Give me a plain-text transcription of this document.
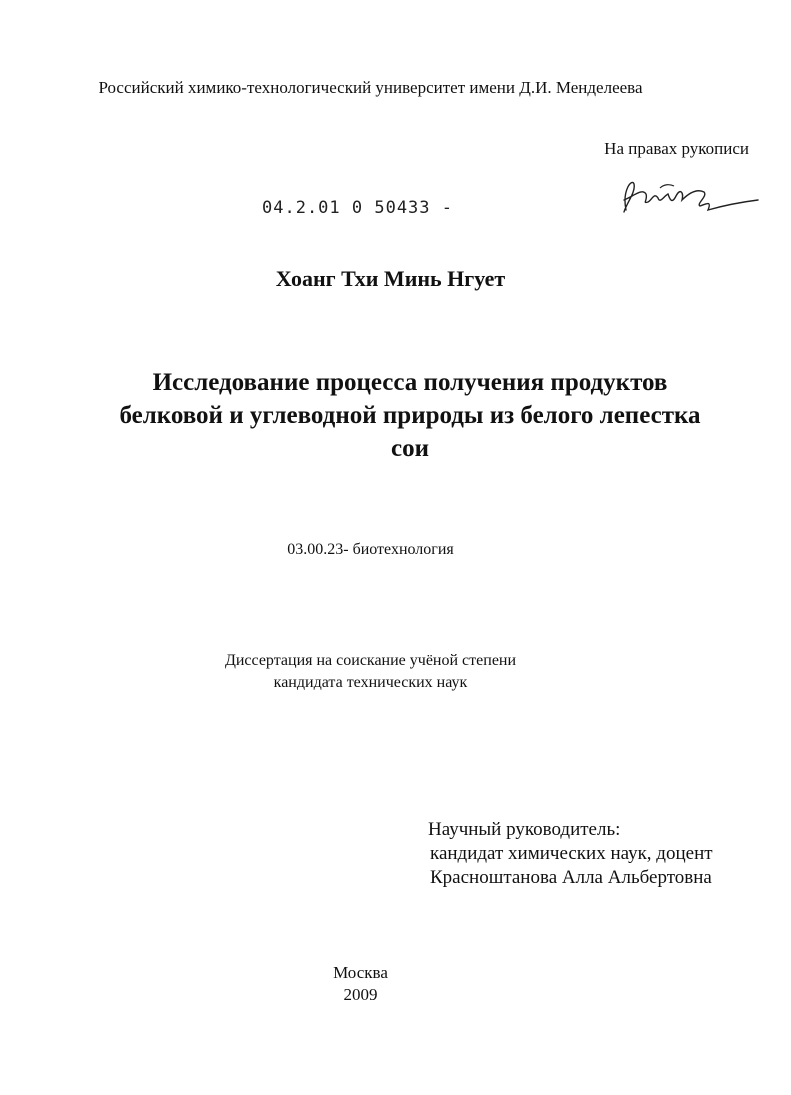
Российский химико-технологический университет имени Д.И. Менделеева
На правах рукописи
04.2.01 0 50433 -
Хоанг Тхи Минь Нгует
Исследование процесса получения продуктов
белковой и углеводной природы из белого лепестка
сои
03.00.23- биотехнология
Диссертация на соискание учёной степени
кандидата технических наук
Научный руководитель:
кандидат химических наук, доцент
Красноштанова Алла Альбертовна
Москва
2009
